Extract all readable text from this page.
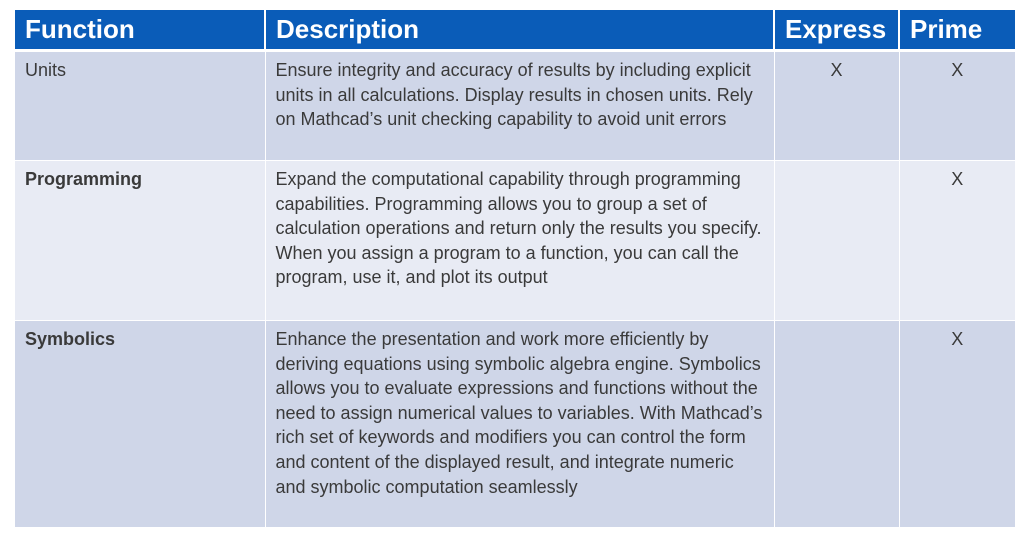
Function	Description	Express	Prime
Units	Ensure integrity and accuracy of results by including explicit units in all calculations. Display results in chosen units. Rely on Mathcad’s unit checking capability to avoid unit errors	X	X
Programming	Expand the computational capability through programming capabilities. Programming allows you to group a set of calculation operations and return only the results you specify. When you assign a program to a function, you can call the program, use it, and plot its output		X
Symbolics	Enhance the presentation and work more efficiently by deriving equations using symbolic algebra engine. Symbolics allows you to evaluate expressions and functions without the need to assign numerical values to variables. With Mathcad’s rich set of keywords and modifiers you can control the form and content of the displayed result, and integrate numeric and symbolic computation seamlessly		X
